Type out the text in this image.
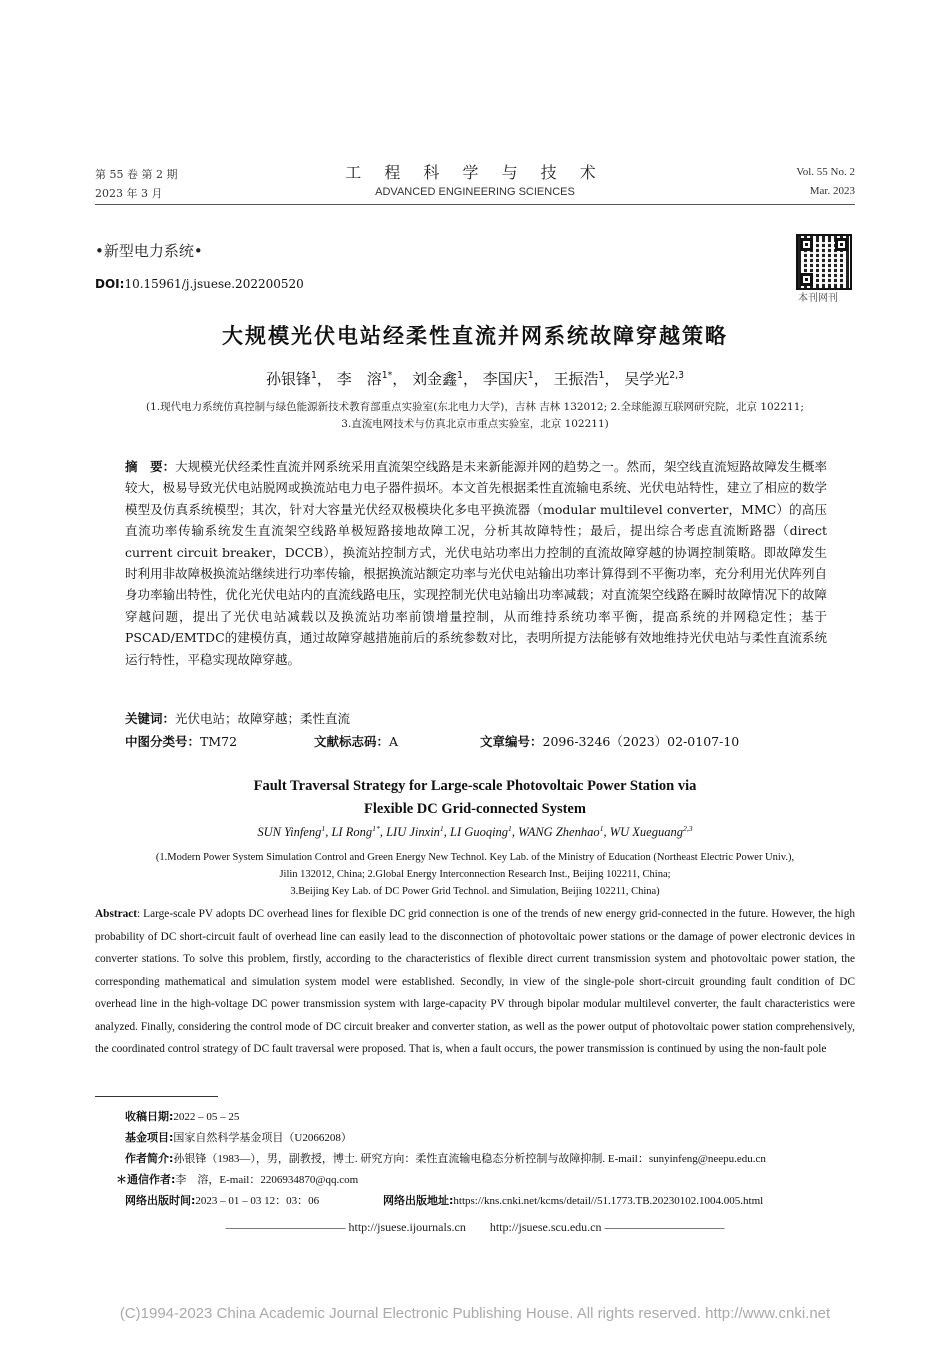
第 55 卷 第 2 期
2023 年 3 月
工 程 科 学 与 技 术
ADVANCED ENGINEERING SCIENCES
Vol. 55 No. 2
Mar. 2023
•新型电力系统•
DOI:10.15961/j.jsuese.202200520
本刊网刊
大规模光伏电站经柔性直流并网系统故障穿越策略
孙银锋$^1$， 李　溶$^{1*}$， 刘金鑫$^1$， 李国庆$^1$， 王振浩$^1$， 吴学光$^{2,3}$
(1.现代电力系统仿真控制与绿色能源新技术教育部重点实验室(东北电力大学)，吉林 吉林 132012; 2.全球能源互联网研究院，北京 102211;
3.直流电网技术与仿真北京市重点实验室，北京 102211)
摘　要：大规模光伏经柔性直流并网系统采用直流架空线路是未来新能源并网的趋势之一。然而，架空线直流短路故障发生概率较大，极易导致光伏电站脱网或换流站电力电子器件损坏。本文首先根据柔性直流输电系统、光伏电站特性，建立了相应的数学模型及仿真系统模型；其次，针对大容量光伏经双极模块化多电平换流器（modular multilevel converter，MMC）的高压直流功率传输系统发生直流架空线路单极短路接地故障工况，分析其故障特性；最后，提出综合考虑直流断路器（direct current circuit breaker，DCCB），换流站控制方式，光伏电站功率出力控制的直流故障穿越的协调控制策略。即故障发生时利用非故障极换流站继续进行功率传输，根据换流站额定功率与光伏电站输出功率计算得到不平衡功率，充分利用光伏阵列自身功率输出特性，优化光伏电站内的直流线路电压，实现控制光伏电站输出功率减载；对直流架空线路在瞬时故障情况下的故障穿越问题，提出了光伏电站减载以及换流站功率前馈增量控制，从而维持系统功率平衡，提高系统的并网稳定性；基于PSCAD/EMTDC的建模仿真，通过故障穿越措施前后的系统参数对比，表明所提方法能够有效地维持光伏电站与柔性直流系统运行特性，平稳实现故障穿越。
关键词：光伏电站；故障穿越；柔性直流
中图分类号：TM72	文献标志码：A	文章编号：2096-3246（2023）02-0107-10
Fault Traversal Strategy for Large-scale Photovoltaic Power Station via
Flexible DC Grid-connected System
SUN Yinfeng$^1$, LI Rong$^{1*}$, LIU Jinxin$^1$, LI Guoqing$^1$, WANG Zhenhao$^1$, WU Xueguang$^{2,3}$
(1.Modern Power System Simulation Control and Green Energy New Technol. Key Lab. of the Ministry of Education (Northeast Electric Power Univ.),
Jilin 132012, China; 2.Global Energy Interconnection Research Inst., Beijing 102211, China;
3.Beijing Key Lab. of DC Power Grid Technol. and Simulation, Beijing 102211, China)
Abstract: Large-scale PV adopts DC overhead lines for flexible DC grid connection is one of the trends of new energy grid-connected in the future. However, the high probability of DC short-circuit fault of overhead line can easily lead to the disconnection of photovoltaic power stations or the damage of power electronic devices in converter stations. To solve this problem, firstly, according to the characteristics of flexible direct current transmission system and photovoltaic power station, the corresponding mathematical and simulation system model were established. Secondly, in view of the single-pole short-circuit grounding fault condition of DC overhead line in the high-voltage DC power transmission system with large-capacity PV through bipolar modular multilevel converter, the fault characteristics were analyzed. Finally, considering the control mode of DC circuit breaker and converter station, as well as the power output of photovoltaic power station comprehensively, the coordinated control strategy of DC fault traversal were proposed. That is, when a fault occurs, the power transmission is continued by using the non-fault pole
收稿日期:2022 – 05 – 25
基金项目:国家自然科学基金项目（U2066208）
作者简介:孙银锋（1983—），男，副教授，博士. 研究方向：柔性直流输电稳态分析控制与故障抑制. E-mail：sunyinfeng@neepu.edu.cn
＊通信作者:李　溶，E-mail：2206934870@qq.com
网络出版时间:2023 – 01 – 03 12：03：06	网络出版地址:https://kns.cnki.net/kcms/detail//51.1773.TB.20230102.1004.005.html
—————————— http://jsuese.ijournals.cn http://jsuese.scu.edu.cn ——————————
(C)1994-2023 China Academic Journal Electronic Publishing House. All rights reserved. http://www.cnki.net
